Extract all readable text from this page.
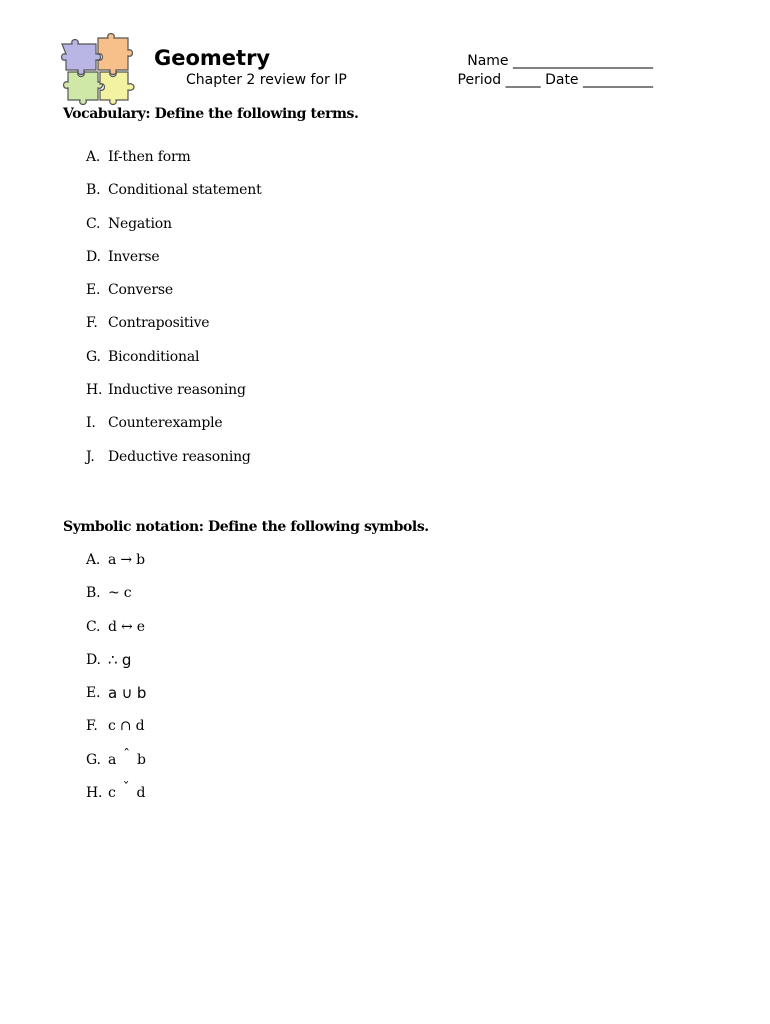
Geometry
Chapter 2 review for IP
Name ____________________
Period _____ Date __________
Vocabulary: Define the following terms.
A. If-then form
B. Conditional statement
C. Negation
D. Inverse
E. Converse
F. Contrapositive
G. Biconditional
H. Inductive reasoning
I. Counterexample
J. Deductive reasoning
Symbolic notation: Define the following symbols.
A. a → b
B. ~ c
C. d ↔ e
D. ∴ g
E. a ∪ b
F. c ∩ d
G. a ˆ b
H. c ˇ d
